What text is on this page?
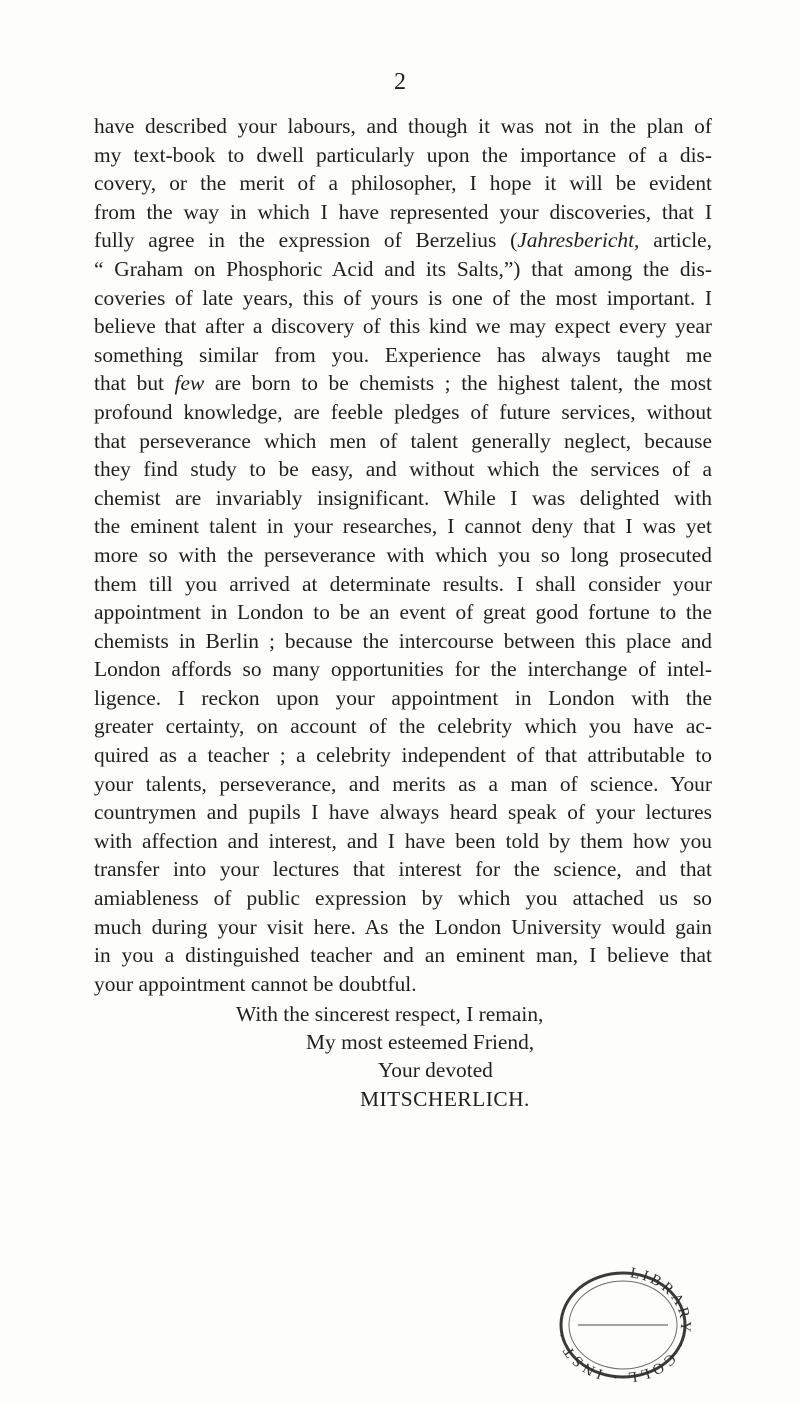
2
have described your labours, and though it was not in the plan of
my text-book to dwell particularly upon the importance of a dis-
covery, or the merit of a philosopher, I hope it will be evident
from the way in which I have represented your discoveries, that I
fully agree in the expression of Berzelius (Jahresbericht, article,
“ Graham on Phosphoric Acid and its Salts,”) that among the dis-
coveries of late years, this of yours is one of the most important. I
believe that after a discovery of this kind we may expect every year
something similar from you. Experience has always taught me
that but few are born to be chemists ; the highest talent, the most
profound knowledge, are feeble pledges of future services, without
that perseverance which men of talent generally neglect, because
they find study to be easy, and without which the services of a
chemist are invariably insignificant. While I was delighted with
the eminent talent in your researches, I cannot deny that I was yet
more so with the perseverance with which you so long prosecuted
them till you arrived at determinate results. I shall consider your
appointment in London to be an event of great good fortune to the
chemists in Berlin ; because the intercourse between this place and
London affords so many opportunities for the interchange of intel-
ligence. I reckon upon your appointment in London with the
greater certainty, on account of the celebrity which you have ac-
quired as a teacher ; a celebrity independent of that attributable to
your talents, perseverance, and merits as a man of science. Your
countrymen and pupils I have always heard speak of your lectures
with affection and interest, and I have been told by them how you
transfer into your lectures that interest for the science, and that
amiableness of public expression by which you attached us so
much during your visit here. As the London University would gain
in you a distinguished teacher and an eminent man, I believe that
your appointment cannot be doubtful.
With the sincerest respect, I remain,
My most esteemed Friend,
Your devoted
MITSCHERLICH.
LIBRARY · COLL · INST ·
